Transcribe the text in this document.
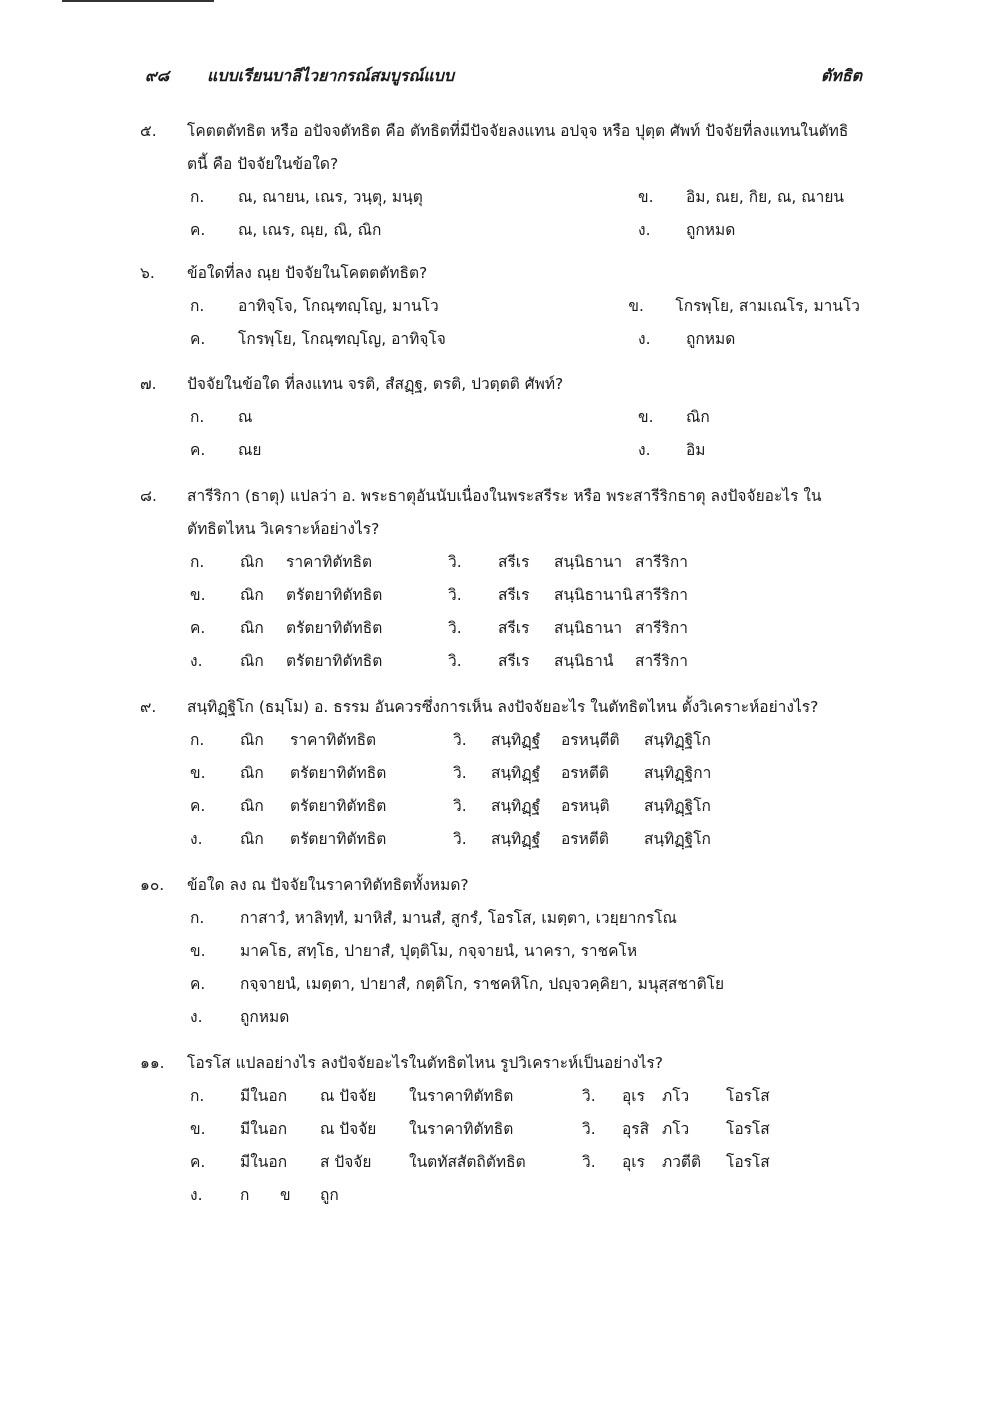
๙๘ แบบเรียนบาลีไวยากรณ์สมบูรณ์แบบ	ตัทธิต
๕. โคตตตัทธิต หรือ อปัจจตัทธิต คือ ตัทธิตที่มีปัจจัยลงแทน อปจฺจ หรือ ปุตฺต ศัพท์ ปัจจัยที่ลงแทนในตัทธิตนี้ คือ ปัจจัยในข้อใด?
ก. ณ, ณายน, เณร, วนฺตุ, มนฺตุ	ข.	อิม, ณย, กิย, ณ, ณายน
ค. ณ, เณร, ณฺย, ณิ, ณิก	ง.	ถูกหมด
๖. ข้อใดที่ลง ณฺย ปัจจัยในโคตตตัทธิต?
ก. อาทิจฺโจ, โกณฺฑญฺโญ, มานโว	ข.	โกรพฺโย, สามเณโร, มานโว
ค. โกรพฺโย, โกณฺฑญฺโญ, อาทิจฺโจ	ง.	ถูกหมด
๗. ปัจจัยในข้อใด ที่ลงแทน จรติ, สํสฏฺฐ, ตรติ, ปวตฺตติ ศัพท์?
ก. ณ	ข.	ณิก
ค. ณย	ง.	อิม
๘. สารีริกา (ธาตุ) แปลว่า อ. พระธาตุอันนับเนื่องในพระสรีระ หรือ พระสารีริกธาตุ ลงปัจจัยอะไร ในตัทธิตไหน วิเคราะห์อย่างไร?
ก.	ณิก	ราคาทิตัทธิต	วิ.	สรีเร	สนฺนิธานา สารีริกา
ข.	ณิก	ตรัตยาทิตัทธิต	วิ.	สรีเร	สนฺนิธานานิ สารีริกา
ค.	ณิก	ตรัตยาทิตัทธิต	วิ.	สรีเร	สนฺนิธานา สารีริกา
ง.	ณิก	ตรัตยาทิตัทธิต	วิ.	สรีเร	สนฺนิธานํ	สารีริกา
๙. สนฺทิฏฺฐิโก (ธมฺโม) อ. ธรรม อันควรซึ่งการเห็น ลงปัจจัยอะไร ในตัทธิตไหน ตั้งวิเคราะห์อย่างไร?
ก.	ณิก	ราคาทิตัทธิต	วิ.	สนฺทิฏฺฐํ	อรหนฺตีติ	สนฺทิฏฺฐิโก
ข.	ณิก	ตรัตยาทิตัทธิต	วิ.	สนฺทิฏฺฐํ	อรหตีติ	สนฺทิฏฺฐิกา
ค.	ณิก	ตรัตยาทิตัทธิต	วิ.	สนฺทิฏฺฐํ	อรหนฺติ	สนฺทิฏฺฐิโก
ง.	ณิก	ตรัตยาทิตัทธิต	วิ.	สนฺทิฏฺฐํ	อรหตีติ	สนฺทิฏฺฐิโก
๑๐. ข้อใด ลง ณ ปัจจัยในราคาทิตัทธิตทั้งหมด?
ก.	กาสาวํ, หาลิทฺทํ, มาหิสํ, มานสํ, สูกรํ, โอรโส, เมตฺตา, เวยฺยากรโณ
ข.	มาคโธ, สทฺโธ, ปายาสํ, ปุตฺติโม, กจฺจายนํ, นาครา, ราชคโห
ค.	กจฺจายนํ, เมตฺตา, ปายาสํ, กตฺติโก, ราชคหิโก, ปญฺจวคฺคิยา, มนุสฺสชาติโย
ง.	ถูกหมด
๑๑. โอรโส แปลอย่างไร ลงปัจจัยอะไรในตัทธิตไหน รูปวิเคราะห์เป็นอย่างไร?
ก.	มีในอก	ณ ปัจจัย	ในราคาทิตัทธิต	วิ.	อุเร	ภโว	โอรโส
ข.	มีในอก	ณ ปัจจัย	ในราคาทิตัทธิต	วิ.	อุรสิ ภโว	โอรโส
ค.	มีในอก	ส ปัจจัย	ในตทัสสัตถิตัทธิต	วิ.	อุเร	ภวตีติ	โอรโส
ง.	ก	ข	ถูก
